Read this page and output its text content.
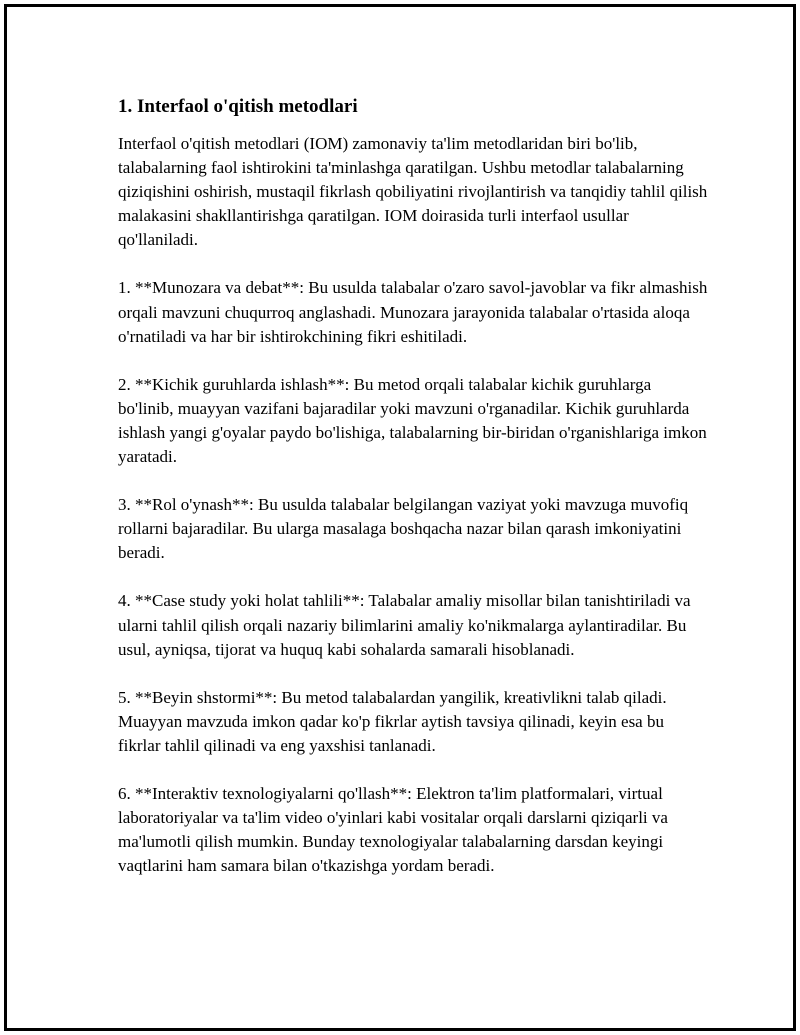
1. Interfaol o'qitish metodlari

Interfaol o'qitish metodlari (IOM) zamonaviy ta'lim metodlaridan biri bo'lib, talabalarning faol ishtirokini ta'minlashga qaratilgan. Ushbu metodlar talabalarning qiziqishini oshirish, mustaqil fikrlash qobiliyatini rivojlantirish va tanqidiy tahlil qilish malakasini shakllantirishga qaratilgan. IOM doirasida turli interfaol usullar qo'llaniladi.

1. **Munozara va debat**: Bu usulda talabalar o'zaro savol-javoblar va fikr almashish orqali mavzuni chuqurroq anglashadi. Munozara jarayonida talabalar o'rtasida aloqa o'rnatiladi va har bir ishtirokchining fikri eshitiladi.

2. **Kichik guruhlarda ishlash**: Bu metod orqali talabalar kichik guruhlarga bo'linib, muayyan vazifani bajaradilar yoki mavzuni o'rganadilar. Kichik guruhlarda ishlash yangi g'oyalar paydo bo'lishiga, talabalarning bir-biridan o'rganishlariga imkon yaratadi.

3. **Rol o'ynash**: Bu usulda talabalar belgilangan vaziyat yoki mavzuga muvofiq rollarni bajaradilar. Bu ularga masalaga boshqacha nazar bilan qarash imkoniyatini beradi.

4. **Case study yoki holat tahlili**: Talabalar amaliy misollar bilan tanishtiriladi va ularni tahlil qilish orqali nazariy bilimlarini amaliy ko'nikmalarga aylantiradilar. Bu usul, ayniqsa, tijorat va huquq kabi sohalarda samarali hisoblanadi.

5. **Beyin shstormi**: Bu metod talabalardan yangilik, kreativlikni talab qiladi. Muayyan mavzuda imkon qadar ko'p fikrlar aytish tavsiya qilinadi, keyin esa bu fikrlar tahlil qilinadi va eng yaxshisi tanlanadi.

6. **Interaktiv texnologiyalarni qo'llash**: Elektron ta'lim platformalari, virtual laboratoriyalar va ta'lim video o'yinlari kabi vositalar orqali darslarni qiziqarli va ma'lumotli qilish mumkin. Bunday texnologiyalar talabalarning darsdan keyingi vaqtlarini ham samara bilan o'tkazishga yordam beradi.
